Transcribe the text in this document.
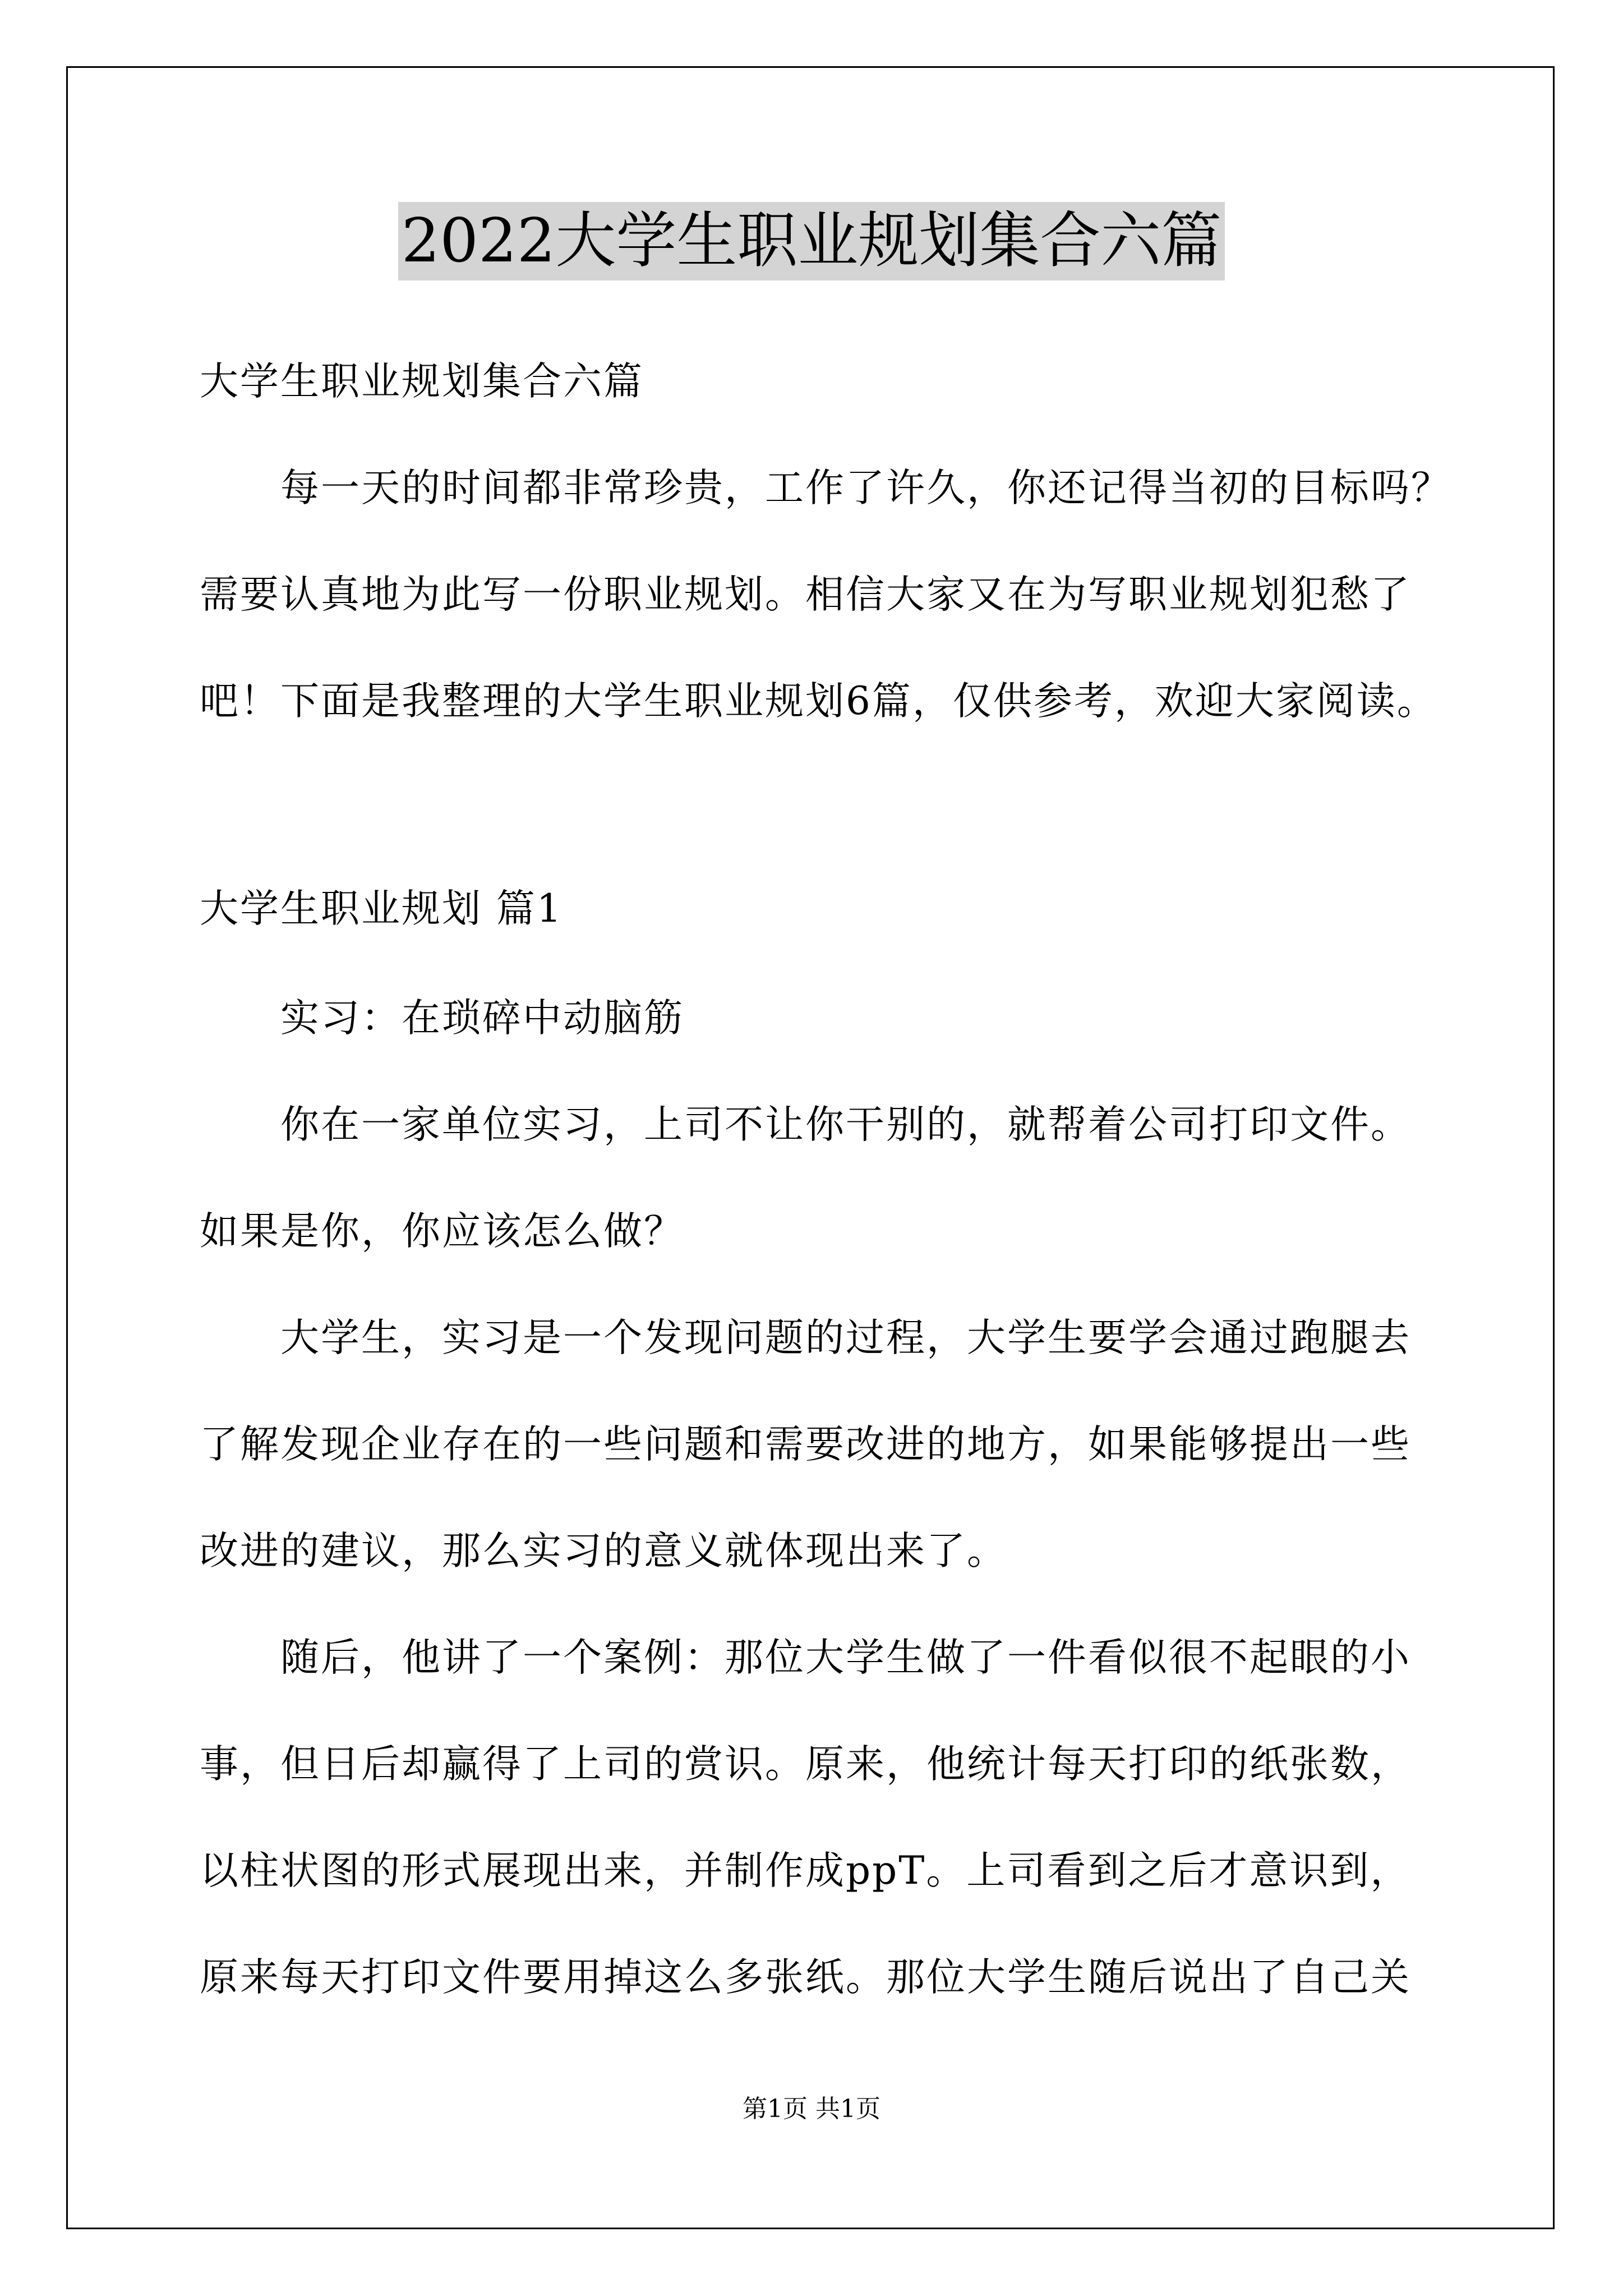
2022大学生职业规划集合六篇
大学生职业规划集合六篇
每一天的时间都非常珍贵，工作了许久，你还记得当初的目标吗？
需要认真地为此写一份职业规划。相信大家又在为写职业规划犯愁了
吧！下面是我整理的大学生职业规划6篇，仅供参考，欢迎大家阅读。
大学生职业规划 篇1
实习：在琐碎中动脑筋
你在一家单位实习，上司不让你干别的，就帮着公司打印文件。
如果是你，你应该怎么做？
大学生，实习是一个发现问题的过程，大学生要学会通过跑腿去
了解发现企业存在的一些问题和需要改进的地方，如果能够提出一些
改进的建议，那么实习的意义就体现出来了。
随后，他讲了一个案例：那位大学生做了一件看似很不起眼的小
事，但日后却赢得了上司的赏识。原来，他统计每天打印的纸张数，
以柱状图的形式展现出来，并制作成ppT。上司看到之后才意识到，
原来每天打印文件要用掉这么多张纸。那位大学生随后说出了自己关
第1页 共1页
